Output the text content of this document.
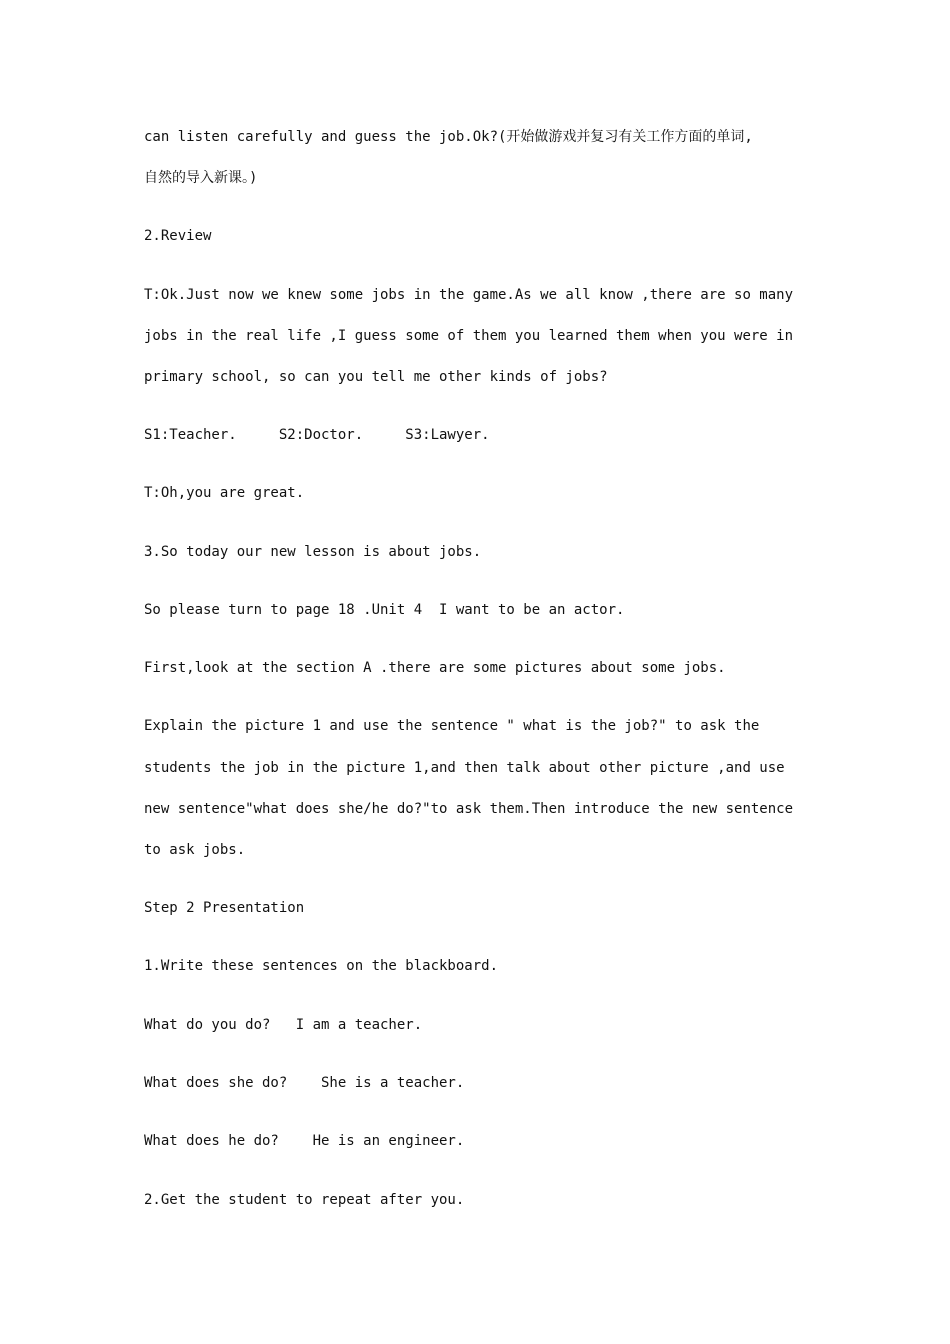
can listen carefully and guess the job.Ok?(开始做游戏并复习有关工作方面的单词,

自然的导入新课。)

2.Review

T:Ok.Just now we knew some jobs in the game.As we all know ,there are so many

jobs in the real life ,I guess some of them you learned them when you were in

primary school, so can you tell me other kinds of jobs?

S1:Teacher.     S2:Doctor.     S3:Lawyer.

T:Oh,you are great.

3.So today our new lesson is about jobs.

So please turn to page 18 .Unit 4  I want to be an actor.

First,look at the section A .there are some pictures about some jobs.

Explain the picture 1 and use the sentence " what is the job?" to ask the

students the job in the picture 1,and then talk about other picture ,and use

new sentence"what does she/he do?"to ask them.Then introduce the new sentence

to ask jobs.

Step 2 Presentation

1.Write these sentences on the blackboard.

What do you do?   I am a teacher.

What does she do?    She is a teacher.

What does he do?    He is an engineer.

2.Get the student to repeat after you.
